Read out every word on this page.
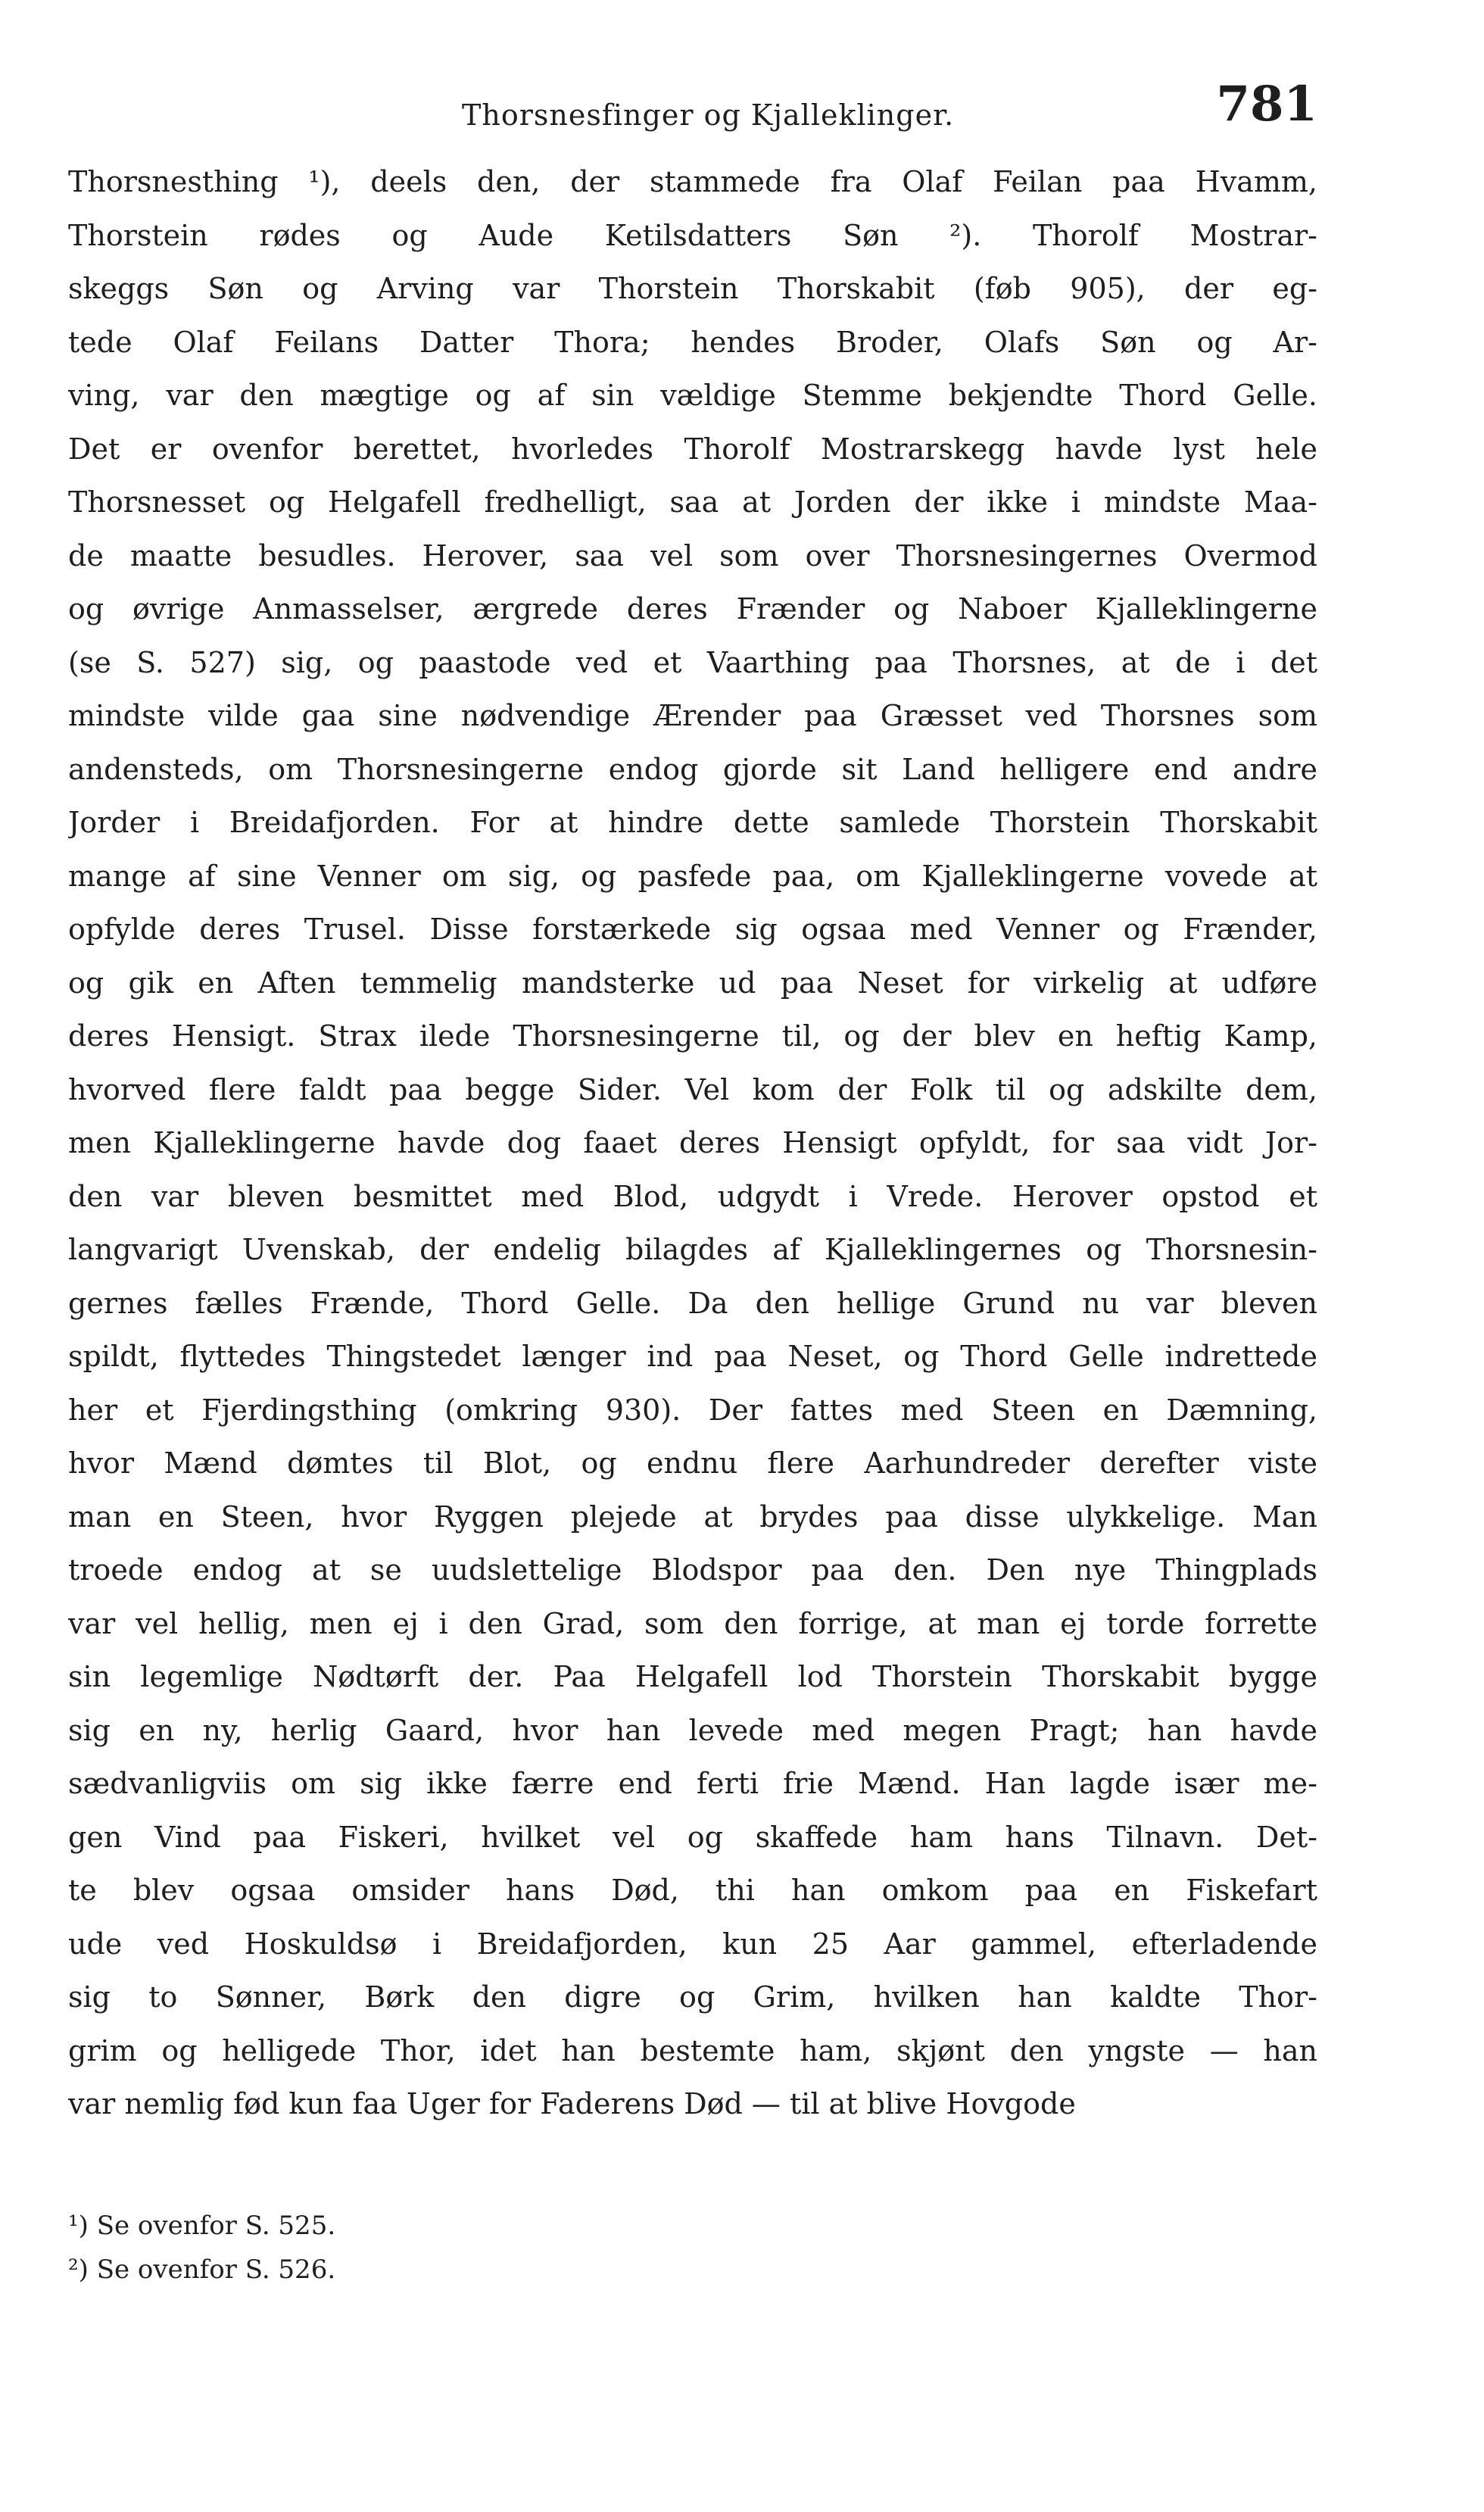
Thorsnesfinger og Kjalleklinger.	781
Thorsnesthing ¹), deels den, der stammede fra Olaf Feilan paa Hvamm,
Thorstein rødes og Aude Ketilsdatters Søn ²). Thorolf Mostrar-
skeggs Søn og Arving var Thorstein Thorskabit (føb 905), der eg-
tede Olaf Feilans Datter Thora; hendes Broder, Olafs Søn og Ar-
ving, var den mægtige og af sin vældige Stemme bekjendte Thord Gelle.
Det er ovenfor berettet, hvorledes Thorolf Mostrarskegg havde lyst hele
Thorsnesset og Helgafell fredhelligt, saa at Jorden der ikke i mindste Maa-
de maatte besudles. Herover, saa vel som over Thorsnesingernes Overmod
og øvrige Anmasselser, ærgrede deres Frænder og Naboer Kjalleklingerne
(se S. 527) sig, og paastode ved et Vaarthing paa Thorsnes, at de i det
mindste vilde gaa sine nødvendige Ærender paa Græsset ved Thorsnes som
andensteds, om Thorsnesingerne endog gjorde sit Land helligere end andre
Jorder i Breidafjorden. For at hindre dette samlede Thorstein Thorskabit
mange af sine Venner om sig, og pasfede paa, om Kjalleklingerne vovede at
opfylde deres Trusel. Disse forstærkede sig ogsaa med Venner og Frænder,
og gik en Aften temmelig mandsterke ud paa Neset for virkelig at udføre
deres Hensigt. Strax ilede Thorsnesingerne til, og der blev en heftig Kamp,
hvorved flere faldt paa begge Sider. Vel kom der Folk til og adskilte dem,
men Kjalleklingerne havde dog faaet deres Hensigt opfyldt, for saa vidt Jor-
den var bleven besmittet med Blod, udgydt i Vrede. Herover opstod et
langvarigt Uvenskab, der endelig bilagdes af Kjalleklingernes og Thorsnesin-
gernes fælles Frænde, Thord Gelle. Da den hellige Grund nu var bleven
spildt, flyttedes Thingstedet længer ind paa Neset, og Thord Gelle indrettede
her et Fjerdingsthing (omkring 930). Der fattes med Steen en Dæmning,
hvor Mænd dømtes til Blot, og endnu flere Aarhundreder derefter viste
man en Steen, hvor Ryggen plejede at brydes paa disse ulykkelige. Man
troede endog at se uudslettelige Blodspor paa den. Den nye Thingplads
var vel hellig, men ej i den Grad, som den forrige, at man ej torde forrette
sin legemlige Nødtørft der. Paa Helgafell lod Thorstein Thorskabit bygge
sig en ny, herlig Gaard, hvor han levede med megen Pragt; han havde
sædvanligviis om sig ikke færre end ferti frie Mænd. Han lagde især me-
gen Vind paa Fiskeri, hvilket vel og skaffede ham hans Tilnavn. Det-
te blev ogsaa omsider hans Død, thi han omkom paa en Fiskefart
ude ved Hoskuldsø i Breidafjorden, kun 25 Aar gammel, efterladende
sig to Sønner, Børk den digre og Grim, hvilken han kaldte Thor-
grim og helligede Thor, idet han bestemte ham, skjønt den yngste — han
var nemlig fød kun faa Uger for Faderens Død — til at blive Hovgode
¹) Se ovenfor S. 525.
²) Se ovenfor S. 526.
